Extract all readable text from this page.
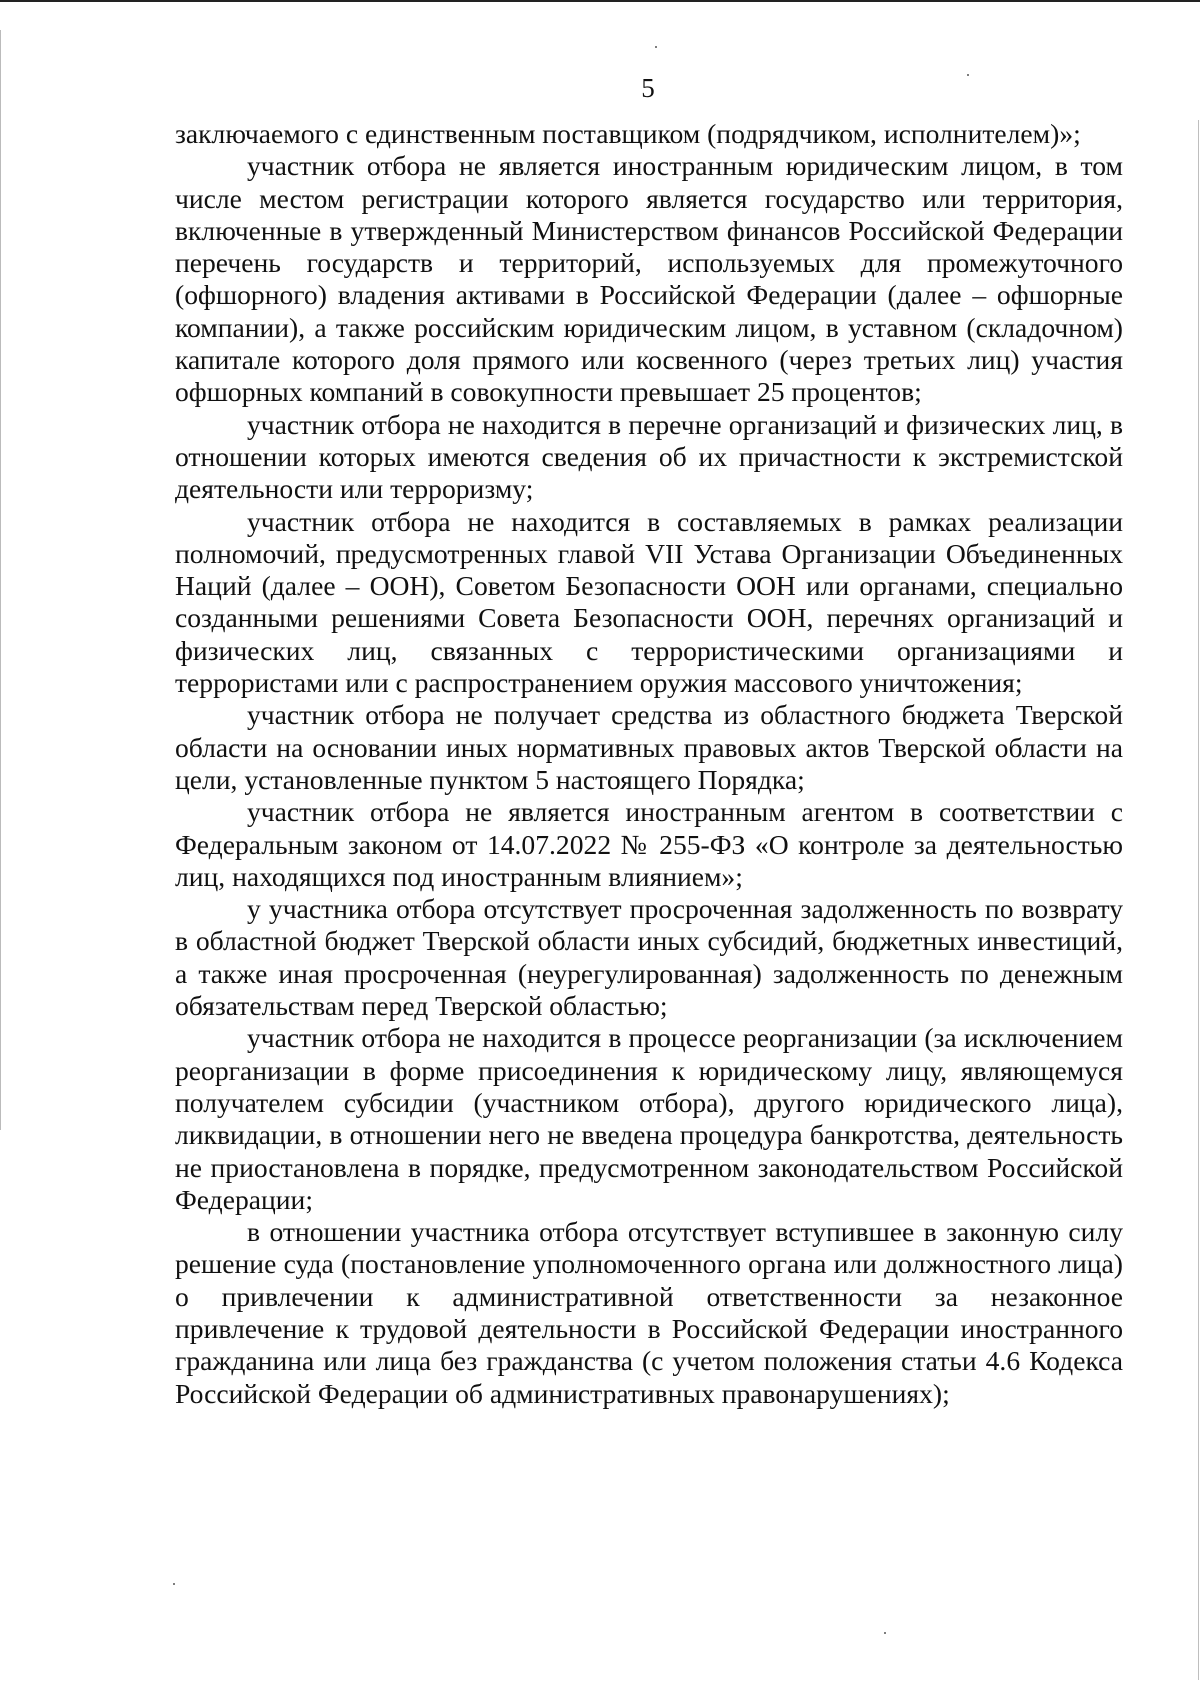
5

заключаемого с единственным поставщиком (подрядчиком, исполнителем)»;

участник отбора не является иностранным юридическим лицом, в том числе местом регистрации которого является государство или территория, включенные в утвержденный Министерством финансов Российской Федерации перечень государств и территорий, используемых для промежуточного (офшорного) владения активами в Российской Федерации (далее – офшорные компании), а также российским юридическим лицом, в уставном (складочном) капитале которого доля прямого или косвенного (через третьих лиц) участия офшорных компаний в совокупности превышает 25 процентов;

участник отбора не находится в перечне организаций и физических лиц, в отношении которых имеются сведения об их причастности к экстремистской деятельности или терроризму;

участник отбора не находится в составляемых в рамках реализации полномочий, предусмотренных главой VII Устава Организации Объединенных Наций (далее – ООН), Советом Безопасности ООН или органами, специально созданными решениями Совета Безопасности ООН, перечнях организаций и физических лиц, связанных с террористическими организациями и террористами или с распространением оружия массового уничтожения;

участник отбора не получает средства из областного бюджета Тверской области на основании иных нормативных правовых актов Тверской области на цели, установленные пунктом 5 настоящего Порядка;

участник отбора не является иностранным агентом в соответствии с Федеральным законом от 14.07.2022 № 255-ФЗ «О контроле за деятельностью лиц, находящихся под иностранным влиянием»;

у участника отбора отсутствует просроченная задолженность по возврату в областной бюджет Тверской области иных субсидий, бюджетных инвестиций, а также иная просроченная (неурегулированная) задолженность по денежным обязательствам перед Тверской областью;

участник отбора не находится в процессе реорганизации (за исключением реорганизации в форме присоединения к юридическому лицу, являющемуся получателем субсидии (участником отбора), другого юридического лица), ликвидации, в отношении него не введена процедура банкротства, деятельность не приостановлена в порядке, предусмотренном законодательством Российской Федерации;

в отношении участника отбора отсутствует вступившее в законную силу решение суда (постановление уполномоченного органа или должностного лица) о привлечении к административной ответственности за незаконное привлечение к трудовой деятельности в Российской Федерации иностранного гражданина или лица без гражданства (с учетом положения статьи 4.6 Кодекса Российской Федерации об административных правонарушениях);
